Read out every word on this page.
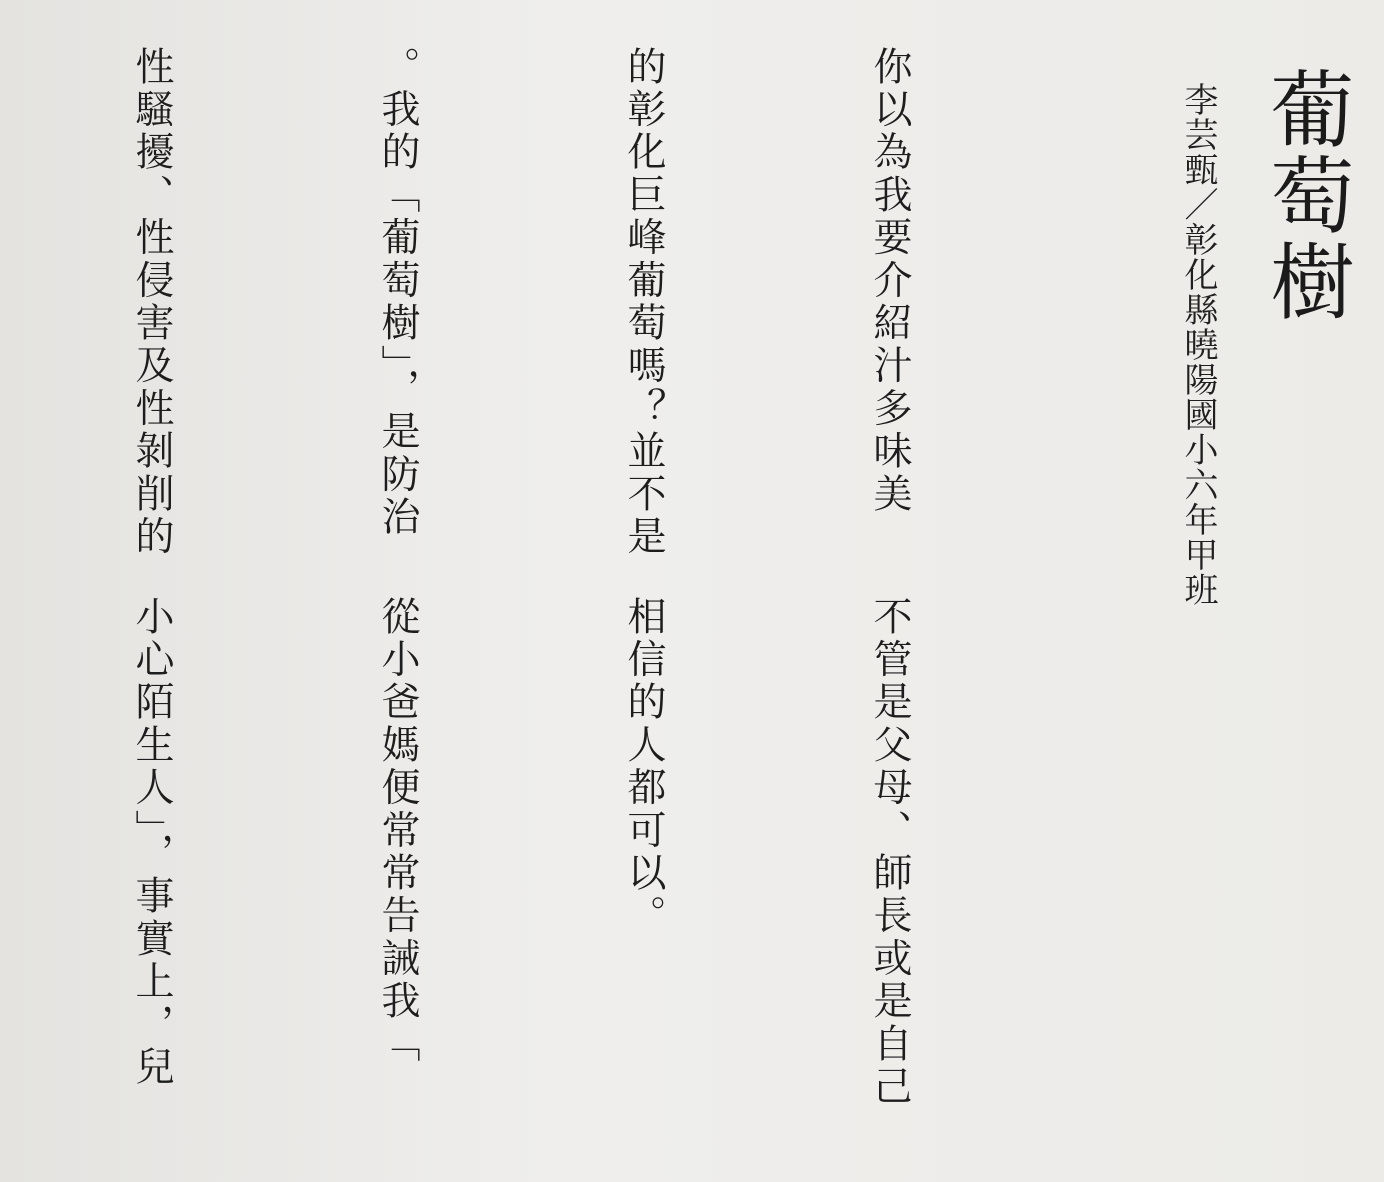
葡萄樹
李芸甄／彰化縣曉陽國小六年甲班

你以為我要介紹汁多味美

的彰化巨峰葡萄嗎？並不是

。我的「葡萄樹」，是防治

性騷擾、性侵害及性剝削的

不管是父母、師長或是自己

相信的人都可以。

從小爸媽便常常告誡我「

小心陌生人」，事實上，兒
